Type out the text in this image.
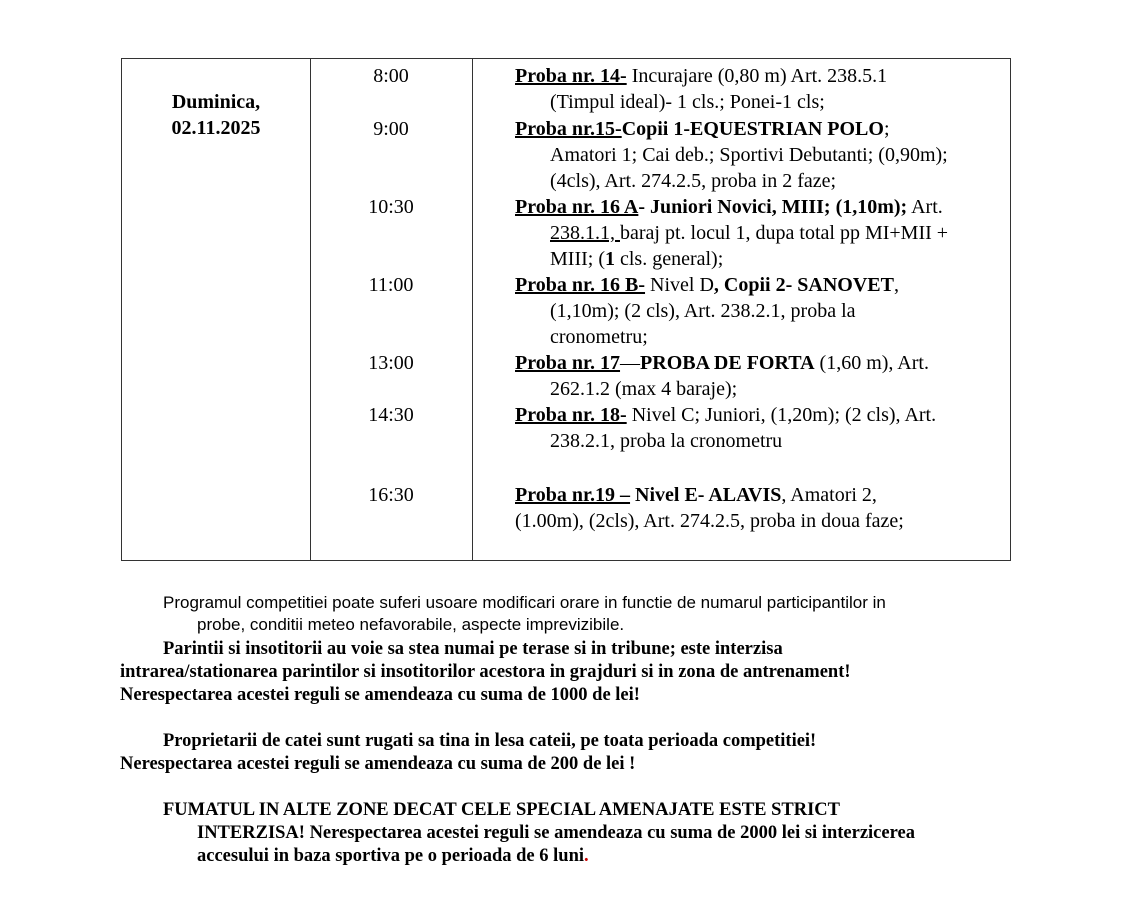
Duminica,
02.11.2025
8:00	Proba nr. 14- Incurajare (0,80 m) Art. 238.5.1
(Timpul ideal)- 1 cls.; Ponei-1 cls;
9:00	Proba nr.15-Copii 1-EQUESTRIAN POLO;
Amatori 1; Cai deb.; Sportivi Debutanti; (0,90m);
(4cls), Art. 274.2.5, proba in 2 faze;
10:30	Proba nr. 16 A- Juniori Novici, MIII; (1,10m); Art.
238.1.1, baraj pt. locul 1, dupa total pp MI+MII +
MIII; (1 cls. general);
11:00	Proba nr. 16 B- Nivel D, Copii 2- SANOVET,
(1,10m); (2 cls), Art. 238.2.1, proba la
cronometru;
13:00	Proba nr. 17—PROBA DE FORTA (1,60 m), Art.
262.1.2 (max 4 baraje);
14:30	Proba nr. 18- Nivel C; Juniori, (1,20m); (2 cls), Art.
238.2.1, proba la cronometru
16:30	Proba nr.19 – Nivel E- ALAVIS, Amatori 2,
(1.00m), (2cls), Art. 274.2.5, proba in doua faze;
Programul competitiei poate suferi usoare modificari orare in functie de numarul participantilor in
probe, conditii meteo nefavorabile, aspecte imprevizibile.
Parintii si insotitorii au voie sa stea numai pe terase si in tribune; este interzisa
intrarea/stationarea parintilor si insotitorilor acestora in grajduri si in zona de antrenament!
Nerespectarea acestei reguli se amendeaza cu suma de 1000 de lei!
Proprietarii de catei sunt rugati sa tina in lesa cateii, pe toata perioada competitiei!
Nerespectarea acestei reguli se amendeaza cu suma de 200 de lei !
FUMATUL IN ALTE ZONE DECAT CELE SPECIAL AMENAJATE ESTE STRICT
INTERZISA! Nerespectarea acestei reguli se amendeaza cu suma de 2000 lei si interzicerea
accesului in baza sportiva pe o perioada de 6 luni.
